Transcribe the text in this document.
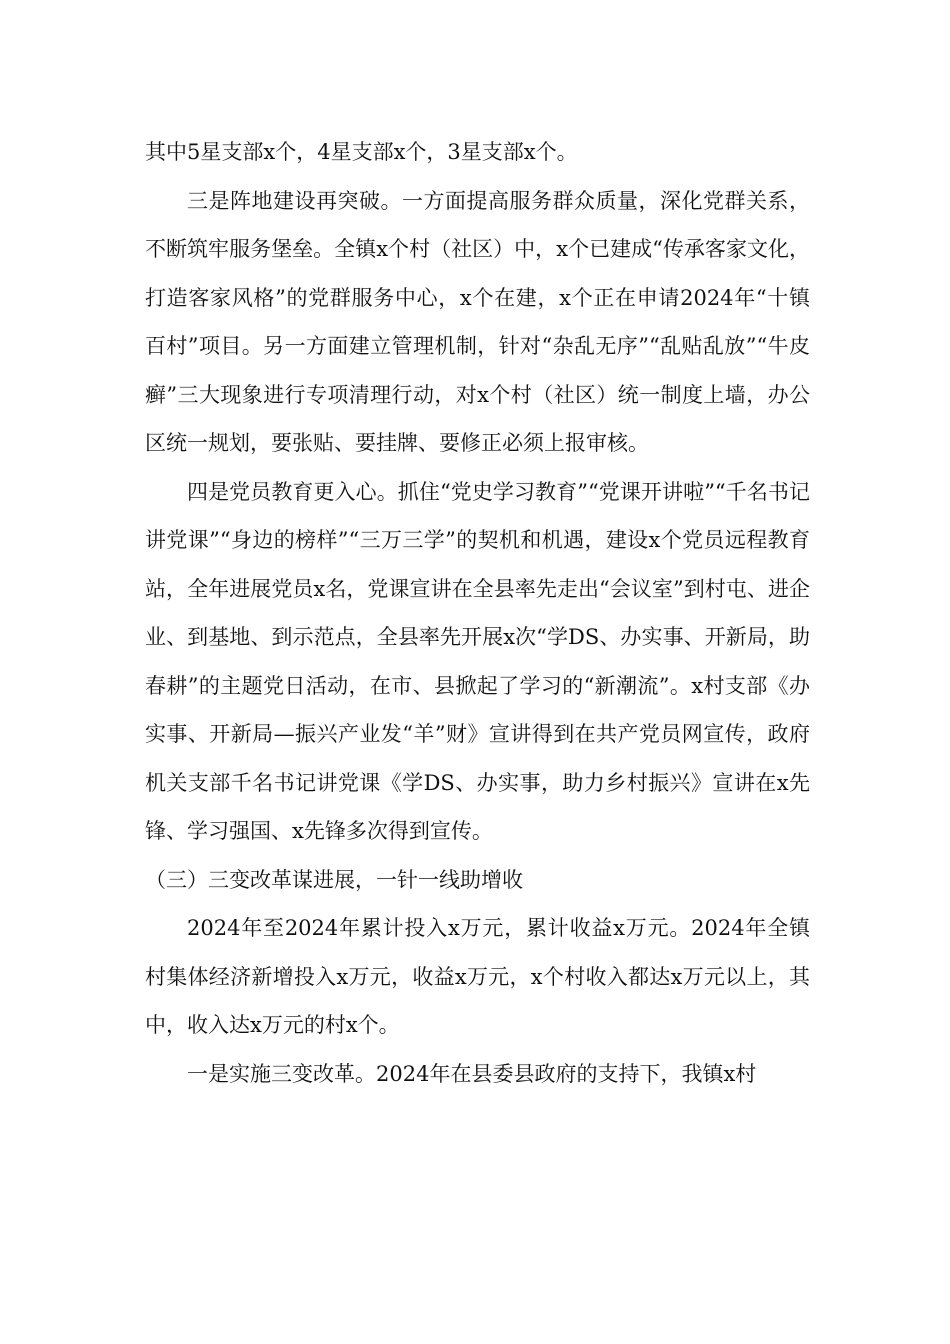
其中5星支部x个，4星支部x个，3星支部x个。

三是阵地建设再突破。一方面提高服务群众质量，深化党群关系，不断筑牢服务堡垒。全镇x个村（社区）中，x个已建成“传承客家文化，打造客家风格”的党群服务中心，x个在建，x个正在申请2024年“十镇百村”项目。另一方面建立管理机制，针对“杂乱无序”“乱贴乱放”“牛皮癣”三大现象进行专项清理行动，对x个村（社区）统一制度上墙，办公区统一规划，要张贴、要挂牌、要修正必须上报审核。

四是党员教育更入心。抓住“党史学习教育”“党课开讲啦”“千名书记讲党课”“身边的榜样”“三万三学”的契机和机遇，建设x个党员远程教育站，全年进展党员x名，党课宣讲在全县率先走出“会议室”到村屯、进企业、到基地、到示范点，全县率先开展x次“学DS、办实事、开新局，助春耕”的主题党日活动，在市、县掀起了学习的“新潮流”。x村支部《办实事、开新局—振兴产业发“羊”财》宣讲得到在共产党员网宣传，政府机关支部千名书记讲党课《学DS、办实事，助力乡村振兴》宣讲在x先锋、学习强国、x先锋多次得到宣传。

（三）三变改革谋进展，一针一线助增收

2024年至2024年累计投入x万元，累计收益x万元。2024年全镇村集体经济新增投入x万元，收益x万元，x个村收入都达x万元以上，其中，收入达x万元的村x个。

一是实施三变改革。2024年在县委县政府的支持下，我镇x村
